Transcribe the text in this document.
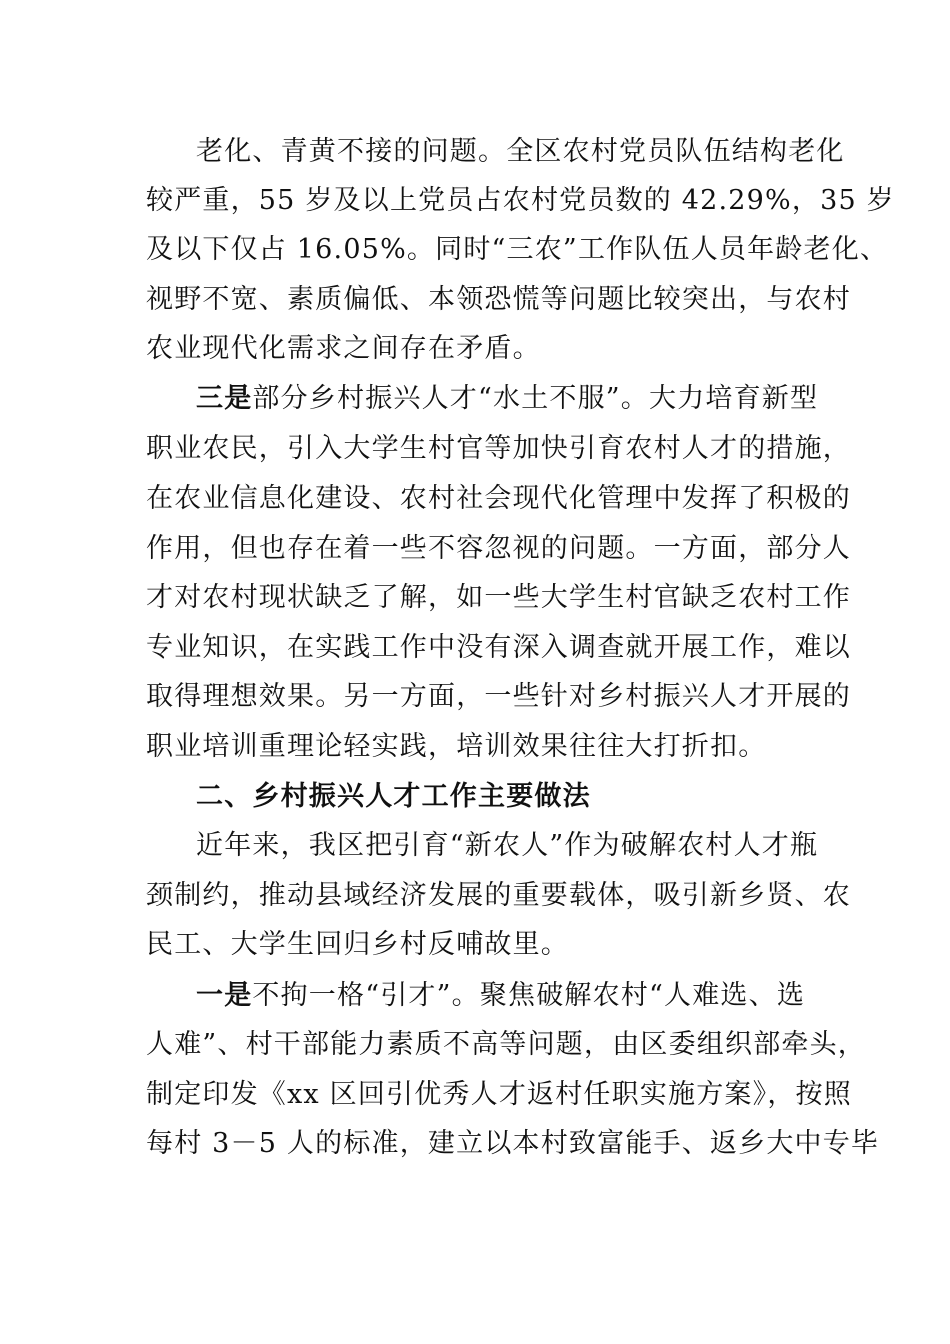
老化、青黄不接的问题。全区农村党员队伍结构老化
较严重，55 岁及以上党员占农村党员数的 42.29%，35 岁
及以下仅占 16.05%。同时“三农”工作队伍人员年龄老化、
视野不宽、素质偏低、本领恐慌等问题比较突出，与农村
农业现代化需求之间存在矛盾。
三是部分乡村振兴人才“水土不服”。大力培育新型
职业农民，引入大学生村官等加快引育农村人才的措施，
在农业信息化建设、农村社会现代化管理中发挥了积极的
作用，但也存在着一些不容忽视的问题。一方面，部分人
才对农村现状缺乏了解，如一些大学生村官缺乏农村工作
专业知识，在实践工作中没有深入调查就开展工作，难以
取得理想效果。另一方面，一些针对乡村振兴人才开展的
职业培训重理论轻实践，培训效果往往大打折扣。
二、乡村振兴人才工作主要做法
近年来，我区把引育“新农人”作为破解农村人才瓶
颈制约，推动县域经济发展的重要载体，吸引新乡贤、农
民工、大学生回归乡村反哺故里。
一是不拘一格“引才”。聚焦破解农村“人难选、选
人难”、村干部能力素质不高等问题，由区委组织部牵头，
制定印发《xx 区回引优秀人才返村任职实施方案》，按照
每村 3－5 人的标准，建立以本村致富能手、返乡大中专毕
